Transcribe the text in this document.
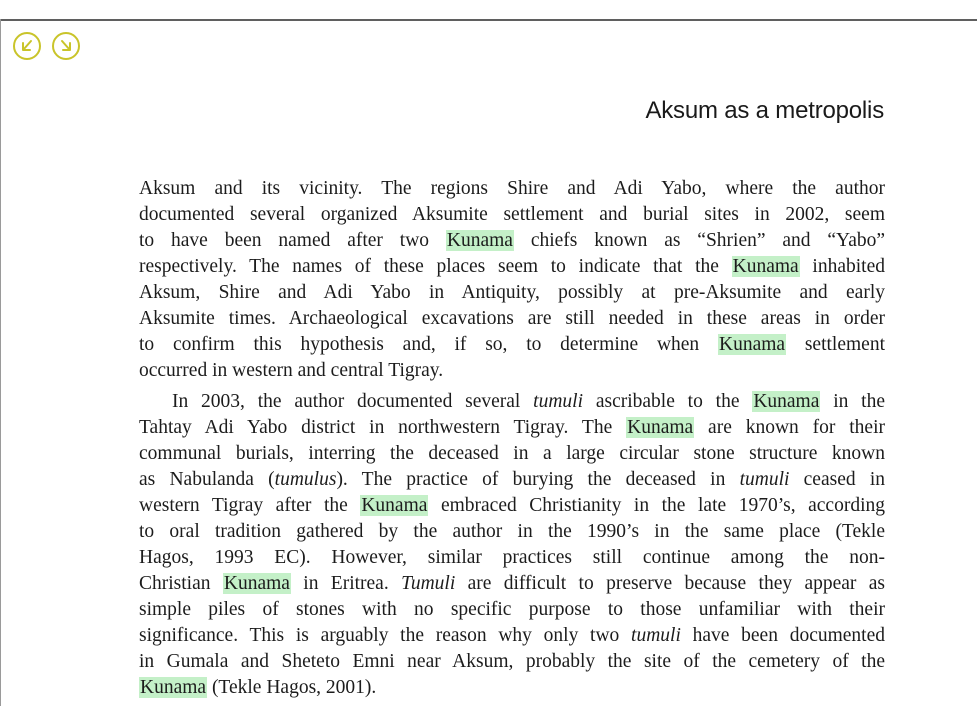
Aksum as a metropolis
Aksum and its vicinity. The regions Shire and Adi Yabo, where the author
documented several organized Aksumite settlement and burial sites in 2002, seem
to have been named after two Kunama chiefs known as “Shrien” and “Yabo”
respectively. The names of these places seem to indicate that the Kunama inhabited
Aksum, Shire and Adi Yabo in Antiquity, possibly at pre-Aksumite and early
Aksumite times. Archaeological excavations are still needed in these areas in order
to confirm this hypothesis and, if so, to determine when Kunama settlement
occurred in western and central Tigray.
In 2003, the author documented several tumuli ascribable to the Kunama in the
Tahtay Adi Yabo district in northwestern Tigray. The Kunama are known for their
communal burials, interring the deceased in a large circular stone structure known
as Nabulanda (tumulus). The practice of burying the deceased in tumuli ceased in
western Tigray after the Kunama embraced Christianity in the late 1970’s, according
to oral tradition gathered by the author in the 1990’s in the same place (Tekle
Hagos, 1993 EC). However, similar practices still continue among the non-
Christian Kunama in Eritrea. Tumuli are difficult to preserve because they appear as
simple piles of stones with no specific purpose to those unfamiliar with their
significance. This is arguably the reason why only two tumuli have been documented
in Gumala and Sheteto Emni near Aksum, probably the site of the cemetery of the
Kunama (Tekle Hagos, 2001).
